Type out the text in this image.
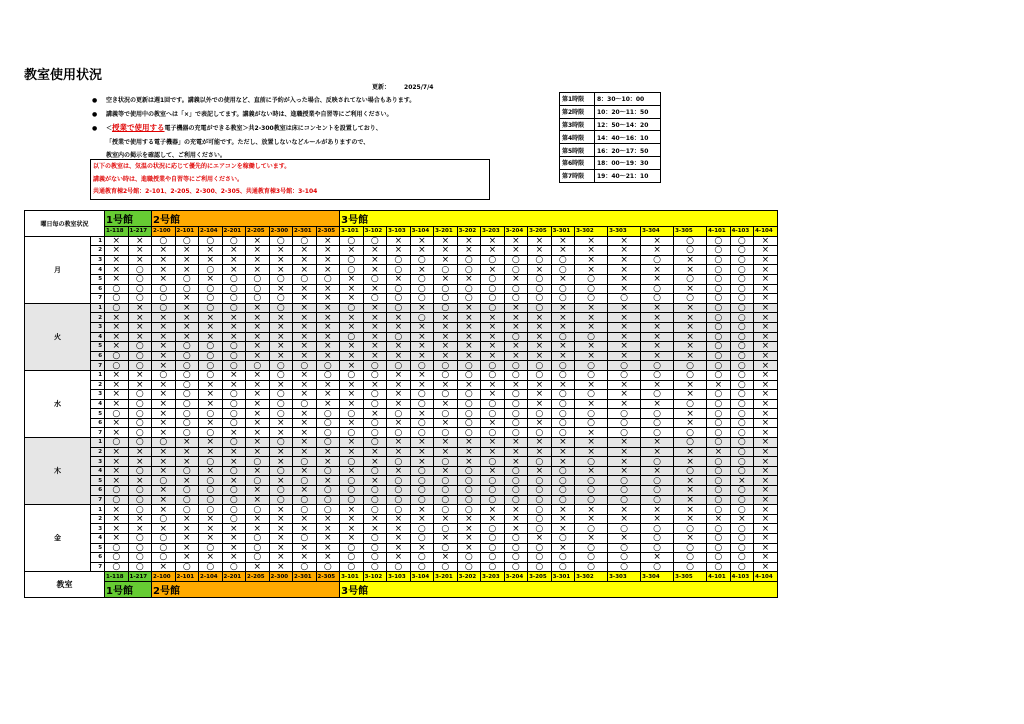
教室使用状況
更新： 2025/7/4
● 空き状況の更新は週1回です。講義以外での使用など、直前に予約が入った場合、反映されてない場合もあります。
● 講義等で使用中の教室へは「×」で表記してます。講義がない時は、進職授業や自習等にご利用ください。
● ＜授業で使用する電子機器の充電ができる教室＞共2-300教室は床にコンセントを設置しており、
「授業で使用する電子機器」の充電が可能です。ただし、放置しないなどルールがありますので、
教室内の掲示を確認して、ご利用ください。
以下の教室は、気温の状況に応じて優先的にエアコンを稼働しています。
講義がない時は、進職授業や自習等にご利用ください。
共通教育棟2号館：2-101、2-205、2-300、2-305、共通教育棟3号館：3-104
第1時限	8：30～10：00
第2時限	10：20～11：50
第3時限	12：50～14：20
第4時限	14：40～16：10
第5時限	16：20～17：50
第6時限	18：00～19：30
第7時限	19：40～21：10
曜日毎の教室状況		1号館		2号館								3号館	
		1-118	1-217	2-100	2-101	2-104	2-201	2-205	2-300	2-301	2-305	3-101	3-102	3-103	3-104	3-201	3-202	3-203	3-204	3-205	3-301	3-302	3-303	3-304	3-305	4-101	4-103	4-104	
月	1	×	×	○	○	○	○	×	○	○	×	○	○	×	×	×	×	×	×	×	×	×	×	×	○	○	○	×	
	2	×	×	×	×	×	×	×	×	×	×	×	×	×	×	×	×	×	×	×	×	×	×	×	○	○	○	×	
	3	×	×	×	×	×	×	×	×	×	×	○	×	○	○	×	○	○	○	○	○	×	×	○	×	○	○	×	
	4	×	○	×	×	○	×	×	×	×	×	○	×	○	×	○	○	×	○	×	○	×	×	×	×	○	○	×	
	5	×	○	×	○	×	○	○	○	○	○	×	○	×	○	×	×	○	×	○	×	○	×	×	○	○	○	×	
	6	○	○	○	○	○	○	○	×	×	×	×	×	○	○	○	○	○	○	○	○	○	×	○	×	○	○	×	
	7	○	○	○	×	○	○	○	○	×	×	×	○	○	○	○	○	○	○	○	○	○	○	○	○	○	○	×	
火	1	○	×	○	×	○	○	×	○	×	×	○	×	○	×	○	×	○	×	○	×	×	×	×	×	○	○	×	
	2	×	×	×	×	×	×	×	×	×	×	×	×	×	○	×	×	×	×	×	×	×	×	×	×	○	○	×	
	3	×	×	×	×	×	×	×	×	×	×	×	×	×	×	×	×	×	×	×	×	×	×	×	×	○	○	×	
	4	×	×	×	×	×	×	×	×	×	×	○	×	○	×	×	×	×	○	×	○	○	×	×	×	○	○	×	
	5	×	○	×	○	○	○	×	×	×	×	×	×	×	×	×	×	×	×	×	×	×	×	×	×	○	○	×	
	6	○	○	×	○	○	○	×	×	×	×	×	×	×	×	×	×	×	×	×	×	×	×	×	×	○	○	×	
	7	○	○	×	○	○	○	○	○	○	○	×	○	○	○	○	○	○	○	○	○	○	○	○	○	○	○	×	
水	1	×	×	○	○	○	×	×	○	×	○	○	○	×	×	○	○	○	○	○	○	○	○	○	○	○	○	×	
	2	×	×	×	○	×	×	×	×	×	×	×	×	×	×	×	×	×	×	×	×	×	×	×	×	×	○	×	
	3	×	○	×	○	×	○	×	○	×	×	×	○	×	○	○	○	×	○	×	○	○	×	○	×	○	○	×	
	4	×	○	×	○	×	○	×	○	○	×	×	○	×	○	×	○	○	○	×	○	×	×	×	○	○	○	×	
	5	○	○	×	○	○	○	×	○	×	○	○	×	○	×	○	○	○	○	○	○	○	○	○	×	○	○	×	
	6	×	○	×	○	×	○	×	×	×	○	×	○	×	○	×	○	×	○	×	○	○	○	○	×	○	○	×	
	7	×	○	×	○	○	×	×	×	×	○	○	○	○	○	○	○	○	○	○	○	×	○	○	○	○	○	×	
木	1	○	○	○	×	×	○	×	○	×	○	×	○	×	×	×	×	×	×	×	×	×	×	×	○	○	○	×	
	2	×	×	×	×	×	×	×	×	×	×	×	×	×	×	×	×	×	×	×	×	×	×	×	×	×	○	×	
	3	×	×	×	×	○	×	○	×	○	×	○	×	○	×	○	×	○	×	○	×	○	×	○	×	○	○	×	
	4	×	○	×	○	×	○	×	○	×	○	×	○	×	○	×	○	×	○	×	○	×	×	×	○	○	○	×	
	5	×	×	○	×	○	×	○	×	○	×	○	×	○	○	○	○	○	○	○	○	○	○	○	×	○	×	×	
	6	○	○	×	○	○	○	×	○	×	○	○	○	○	○	○	○	○	○	○	○	○	○	○	×	○	○	×	
	7	○	○	×	○	○	○	×	○	○	○	○	○	○	○	○	○	○	○	○	○	○	○	○	×	○	○	×	
金	1	×	○	×	○	○	○	○	×	○	○	×	○	○	×	○	○	×	×	○	×	×	×	×	×	○	○	×	
	2	×	×	○	×	×	○	×	×	×	×	×	×	×	×	×	×	×	×	○	×	×	×	×	×	×	×	×	
	3	×	×	×	×	×	×	×	×	×	×	×	×	×	○	○	×	○	×	○	×	○	○	○	○	○	○	×	
	4	×	○	○	×	×	×	○	×	○	×	×	○	×	○	×	×	○	○	×	○	×	×	○	×	○	○	×	
	5	○	○	○	×	○	×	○	×	×	×	○	○	×	×	○	×	○	○	○	×	○	○	○	○	○	○	×	
	6	○	○	○	×	×	×	○	×	×	×	○	○	×	○	×	○	○	○	○	○	○	○	×	○	○	○	×	
	7	○	○	×	○	○	○	×	×	○	○	○	○	○	○	○	○	○	○	○	○	○	○	○	○	○	○	×	
教室		1-118	1-217	2-100	2-101	2-104	2-201	2-205	2-300	2-301	2-305	3-101	3-102	3-103	3-104	3-201	3-202	3-203	3-204	3-205	3-301	3-302	3-303	3-304	3-305	4-101	4-103	4-104	
		1号館		2号館								3号館	
